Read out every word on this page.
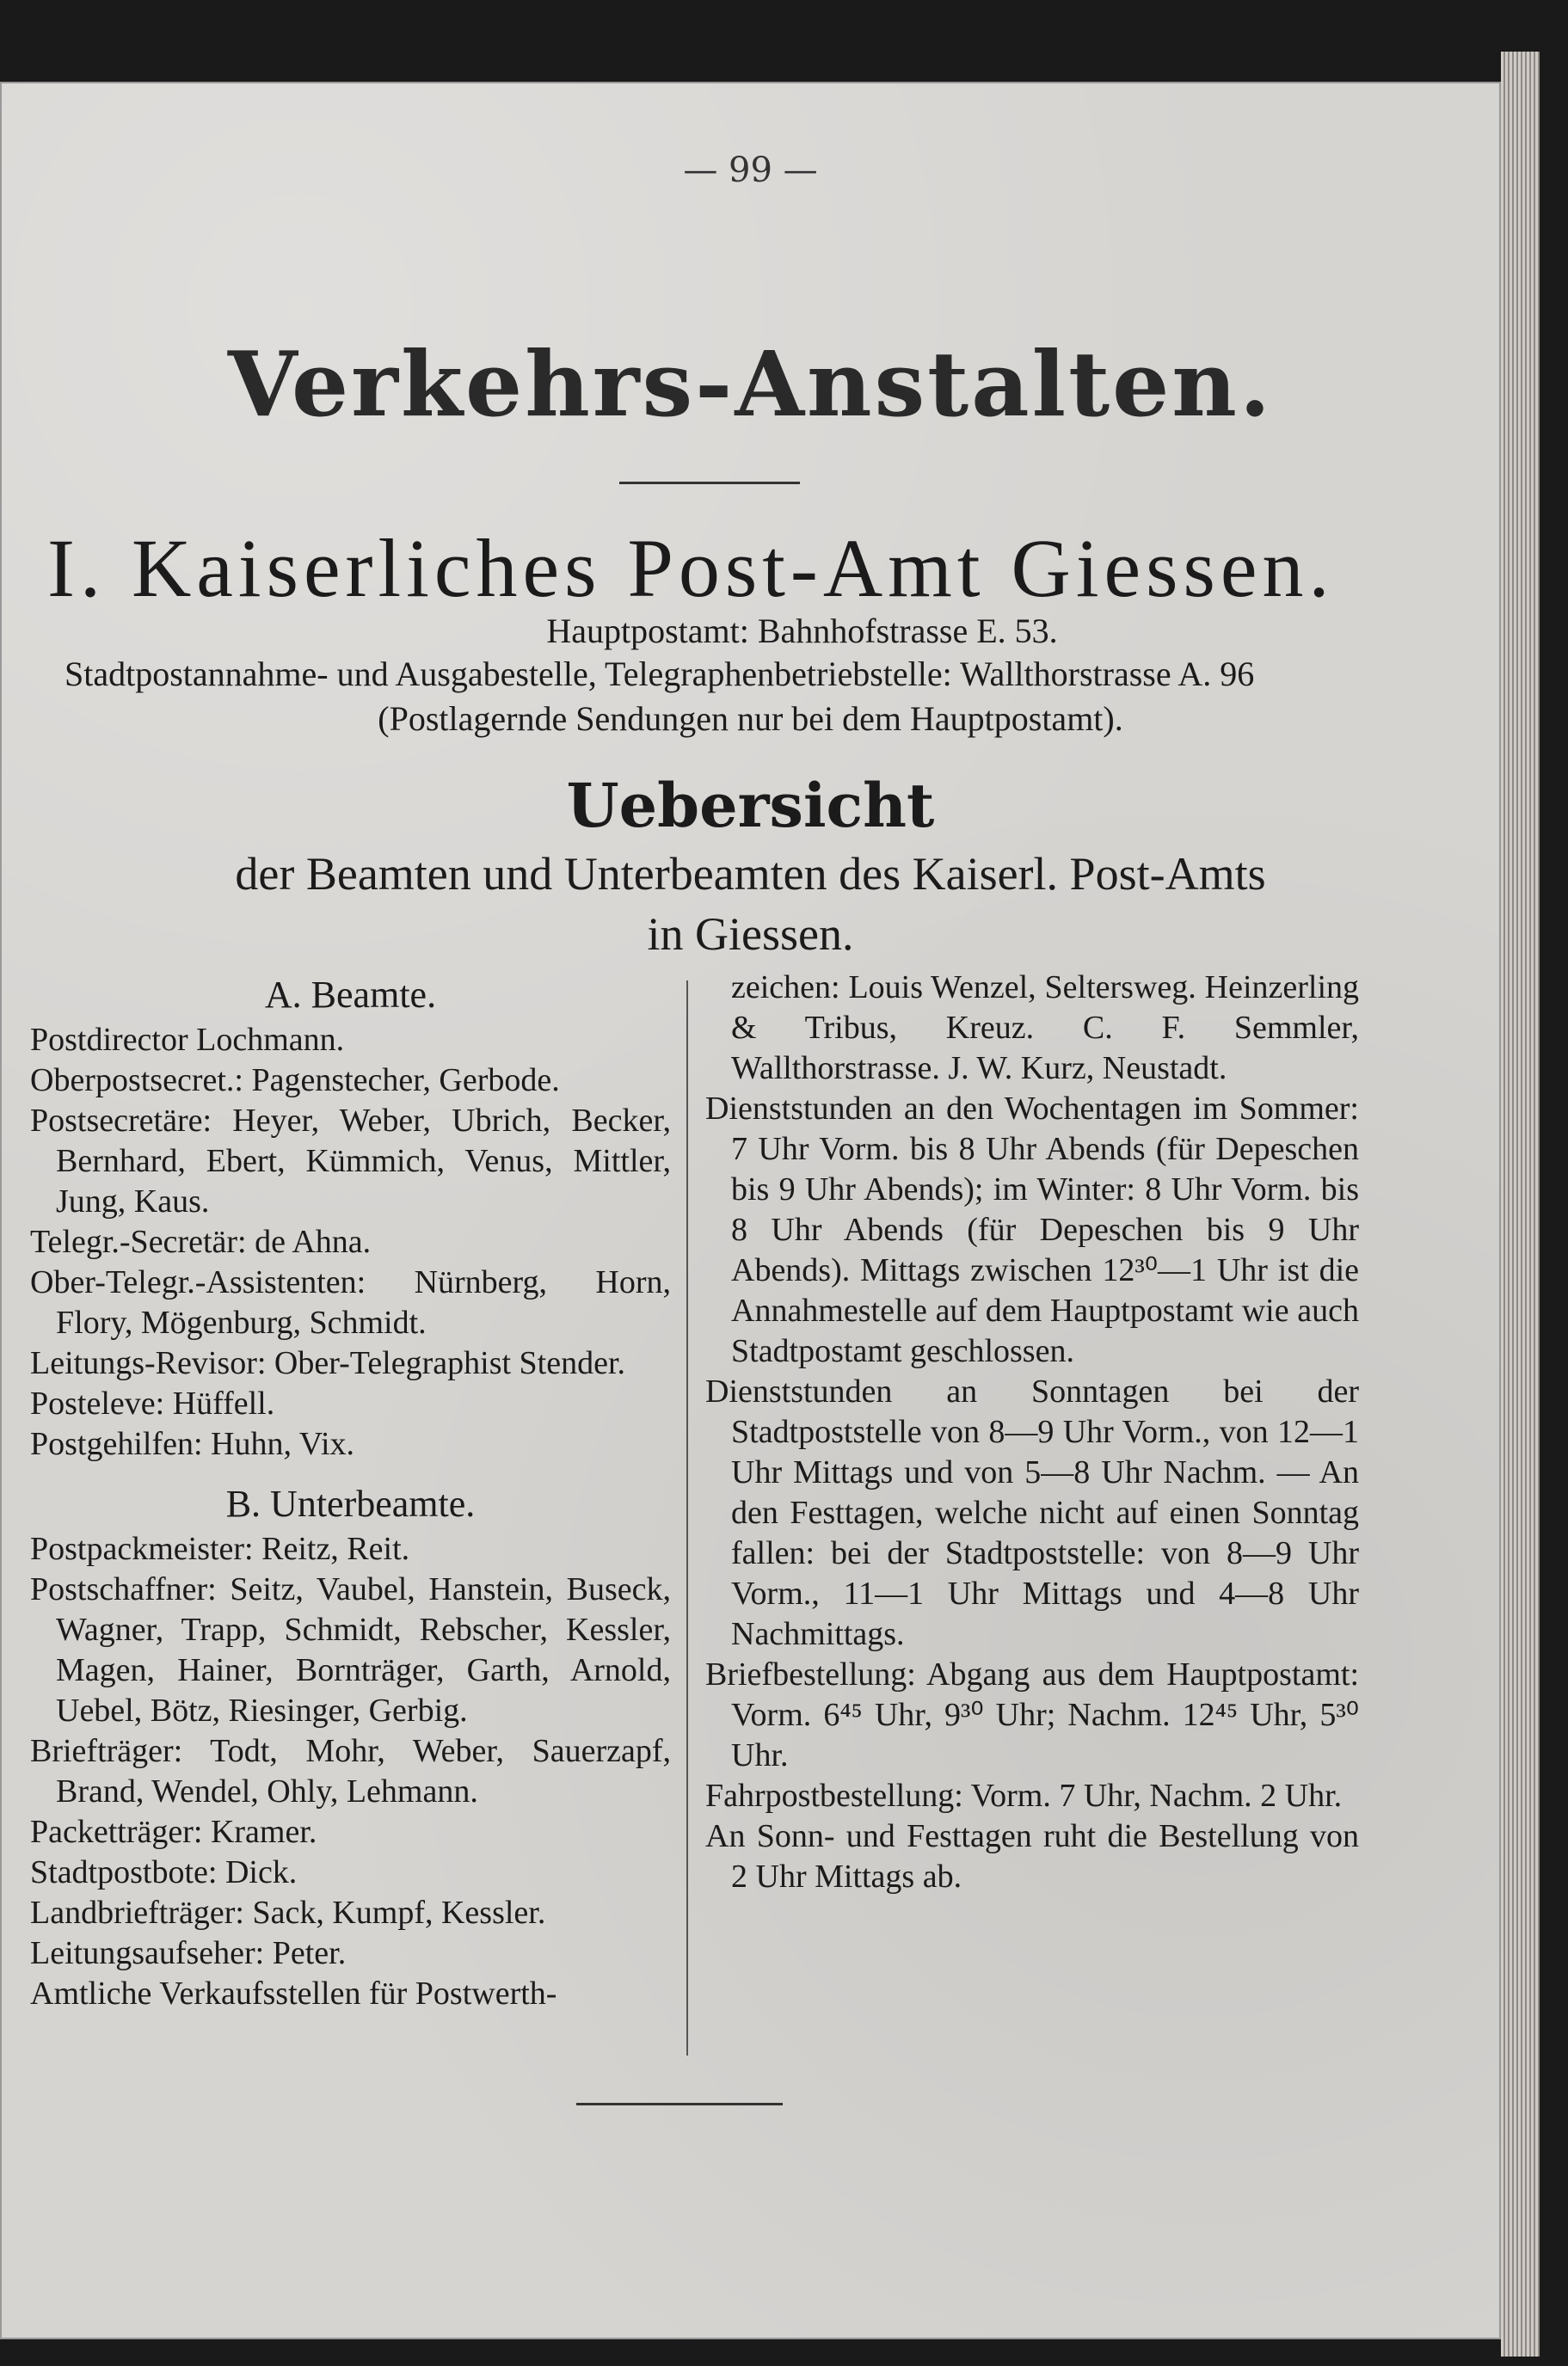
— 99 —
Verkehrs-Anstalten.
I. Kaiserliches Post-Amt Giessen.
Hauptpostamt: Bahnhofstrasse E. 53.
Stadtpostannahme- und Ausgabestelle, Telegraphenbetriebstelle: Wallthorstrasse A. 96
(Postlagernde Sendungen nur bei dem Hauptpostamt).
Uebersicht
der Beamten und Unterbeamten des Kaiserl. Post-Amts
in Giessen.
A. Beamte.
Postdirector Lochmann.
Oberpostsecret.: Pagenstecher, Gerbode.
Postsecretäre: Heyer, Weber, Ubrich, Becker, Bernhard, Ebert, Kümmich, Venus, Mittler, Jung, Kaus.
Telegr.-Secretär: de Ahna.
Ober-Telegr.-Assistenten: Nürnberg, Horn, Flory, Mögenburg, Schmidt.
Leitungs-Revisor: Ober-Telegraphist Stender.
Posteleve: Hüffell.
Postgehilfen: Huhn, Vix.
B. Unterbeamte.
Postpackmeister: Reitz, Reit.
Postschaffner: Seitz, Vaubel, Hanstein, Buseck, Wagner, Trapp, Schmidt, Rebscher, Kessler, Magen, Hainer, Bornträger, Garth, Arnold, Uebel, Bötz, Riesinger, Gerbig.
Briefträger: Todt, Mohr, Weber, Sauerzapf, Brand, Wendel, Ohly, Lehmann.
Packetträger: Kramer.
Stadtpostbote: Dick.
Landbriefträger: Sack, Kumpf, Kessler.
Leitungsaufseher: Peter.
Amtliche Verkaufsstellen für Postwerth-
zeichen: Louis Wenzel, Seltersweg. Heinzerling & Tribus, Kreuz. C. F. Semmler, Wallthorstrasse. J. W. Kurz, Neustadt.
Dienststunden an den Wochentagen im Sommer: 7 Uhr Vorm. bis 8 Uhr Abends (für Depeschen bis 9 Uhr Abends); im Winter: 8 Uhr Vorm. bis 8 Uhr Abends (für Depeschen bis 9 Uhr Abends). Mittags zwischen 12³⁰—1 Uhr ist die Annahmestelle auf dem Hauptpostamt wie auch Stadtpostamt geschlossen.
Dienststunden an Sonntagen bei der Stadtpoststelle von 8—9 Uhr Vorm., von 12—1 Uhr Mittags und von 5—8 Uhr Nachm. — An den Festtagen, welche nicht auf einen Sonntag fallen: bei der Stadtpoststelle: von 8—9 Uhr Vorm., 11—1 Uhr Mittags und 4—8 Uhr Nachmittags.
Briefbestellung: Abgang aus dem Hauptpostamt: Vorm. 6⁴⁵ Uhr, 9³⁰ Uhr; Nachm. 12⁴⁵ Uhr, 5³⁰ Uhr.
Fahrpostbestellung: Vorm. 7 Uhr, Nachm. 2 Uhr.
An Sonn- und Festtagen ruht die Bestellung von 2 Uhr Mittags ab.
